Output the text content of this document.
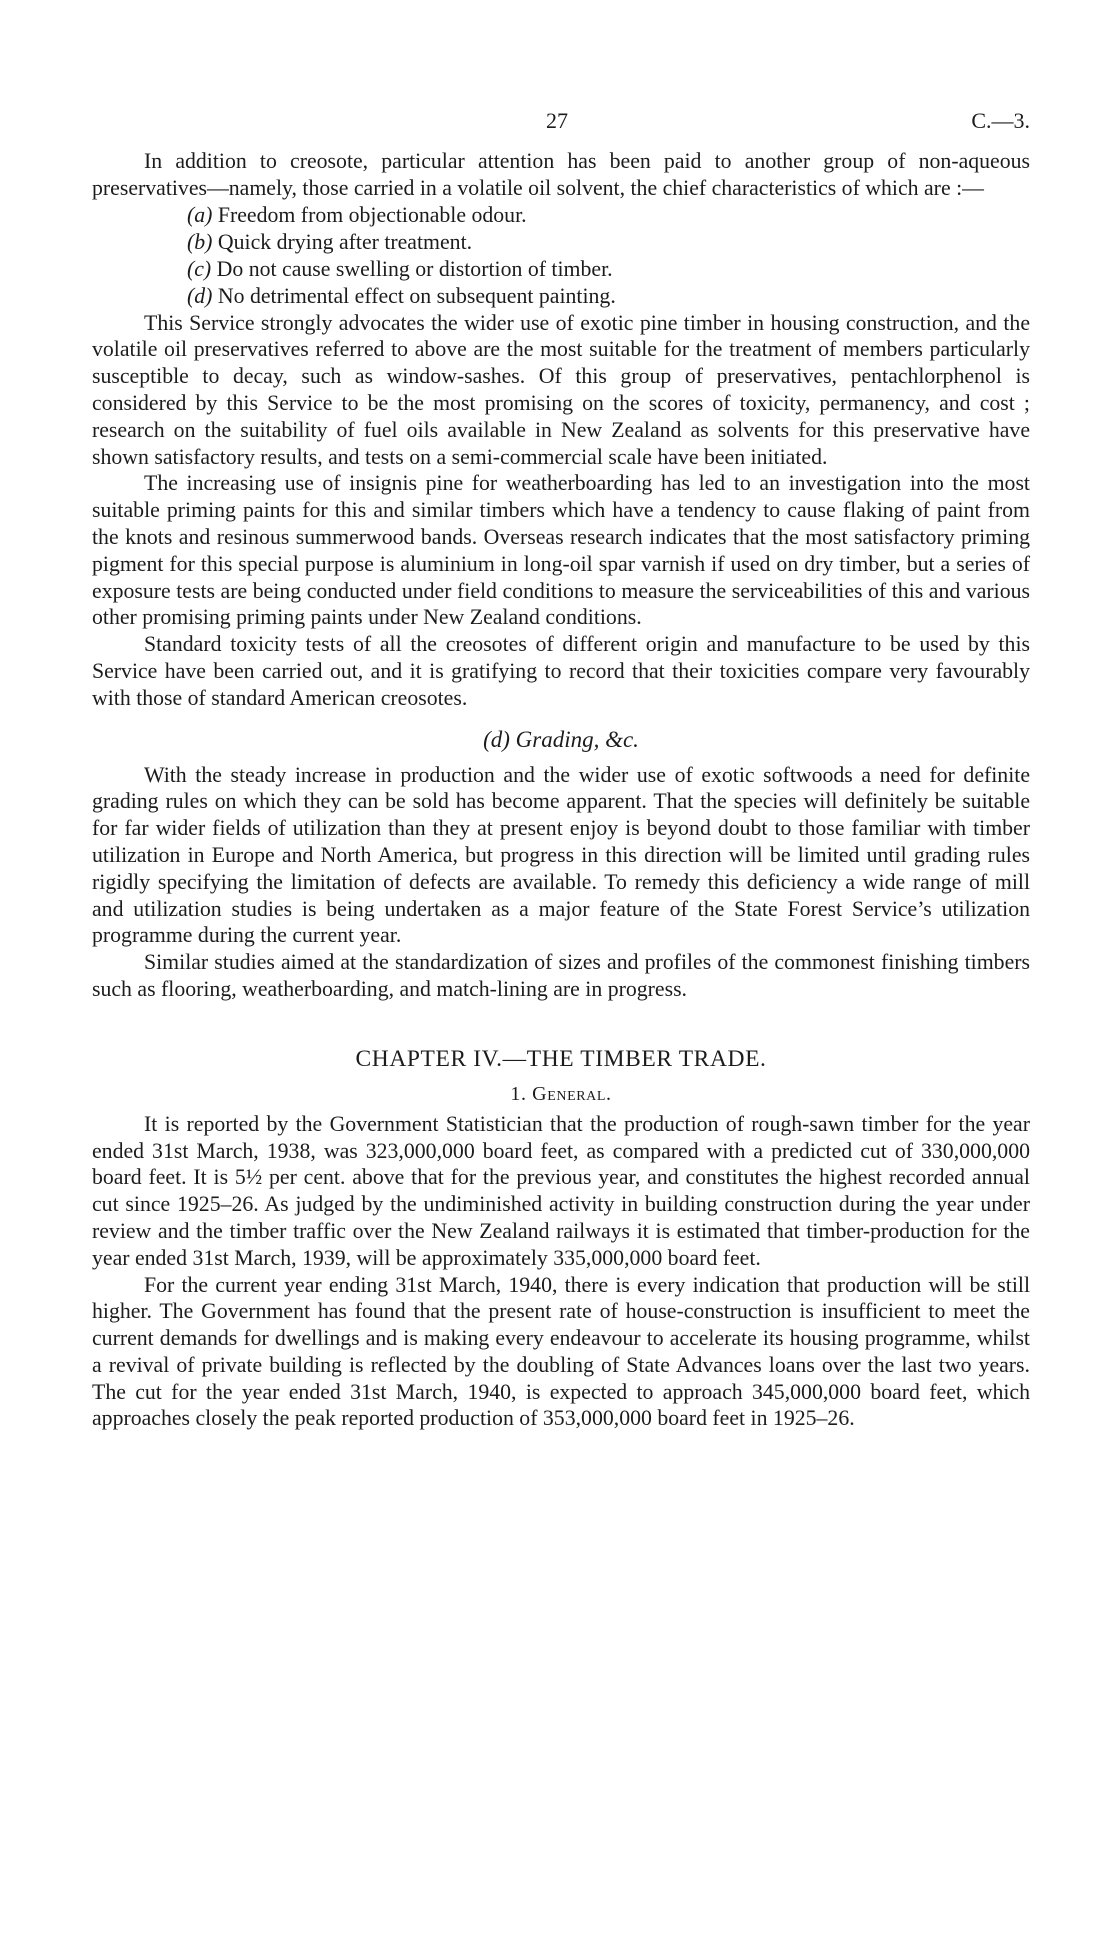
27	C.—3.

In addition to creosote, particular attention has been paid to another group of non-aqueous preservatives—namely, those carried in a volatile oil solvent, the chief characteristics of which are :—

(a) Freedom from objectionable odour.
(b) Quick drying after treatment.
(c) Do not cause swelling or distortion of timber.
(d) No detrimental effect on subsequent painting.

This Service strongly advocates the wider use of exotic pine timber in housing construction, and the volatile oil preservatives referred to above are the most suitable for the treatment of members particularly susceptible to decay, such as window-sashes. Of this group of preservatives, pentachlorphenol is considered by this Service to be the most promising on the scores of toxicity, permanency, and cost ; research on the suitability of fuel oils available in New Zealand as solvents for this preservative have shown satisfactory results, and tests on a semi-commercial scale have been initiated.

The increasing use of insignis pine for weatherboarding has led to an investigation into the most suitable priming paints for this and similar timbers which have a tendency to cause flaking of paint from the knots and resinous summerwood bands. Overseas research indicates that the most satisfactory priming pigment for this special purpose is aluminium in long-oil spar varnish if used on dry timber, but a series of exposure tests are being conducted under field conditions to measure the serviceabilities of this and various other promising priming paints under New Zealand conditions.

Standard toxicity tests of all the creosotes of different origin and manufacture to be used by this Service have been carried out, and it is gratifying to record that their toxicities compare very favourably with those of standard American creosotes.

(d) Grading, &c.

With the steady increase in production and the wider use of exotic softwoods a need for definite grading rules on which they can be sold has become apparent. That the species will definitely be suitable for far wider fields of utilization than they at present enjoy is beyond doubt to those familiar with timber utilization in Europe and North America, but progress in this direction will be limited until grading rules rigidly specifying the limitation of defects are available. To remedy this deficiency a wide range of mill and utilization studies is being undertaken as a major feature of the State Forest Service’s utilization programme during the current year.

Similar studies aimed at the standardization of sizes and profiles of the commonest finishing timbers such as flooring, weatherboarding, and match-lining are in progress.

CHAPTER IV.—THE TIMBER TRADE.
1. General.

It is reported by the Government Statistician that the production of rough-sawn timber for the year ended 31st March, 1938, was 323,000,000 board feet, as compared with a predicted cut of 330,000,000 board feet. It is 5½ per cent. above that for the previous year, and constitutes the highest recorded annual cut since 1925–26. As judged by the undiminished activity in building construction during the year under review and the timber traffic over the New Zealand railways it is estimated that timber-production for the year ended 31st March, 1939, will be approximately 335,000,000 board feet.

For the current year ending 31st March, 1940, there is every indication that production will be still higher. The Government has found that the present rate of house-construction is insufficient to meet the current demands for dwellings and is making every endeavour to accelerate its housing programme, whilst a revival of private building is reflected by the doubling of State Advances loans over the last two years. The cut for the year ended 31st March, 1940, is expected to approach 345,000,000 board feet, which approaches closely the peak reported production of 353,000,000 board feet in 1925–26.
